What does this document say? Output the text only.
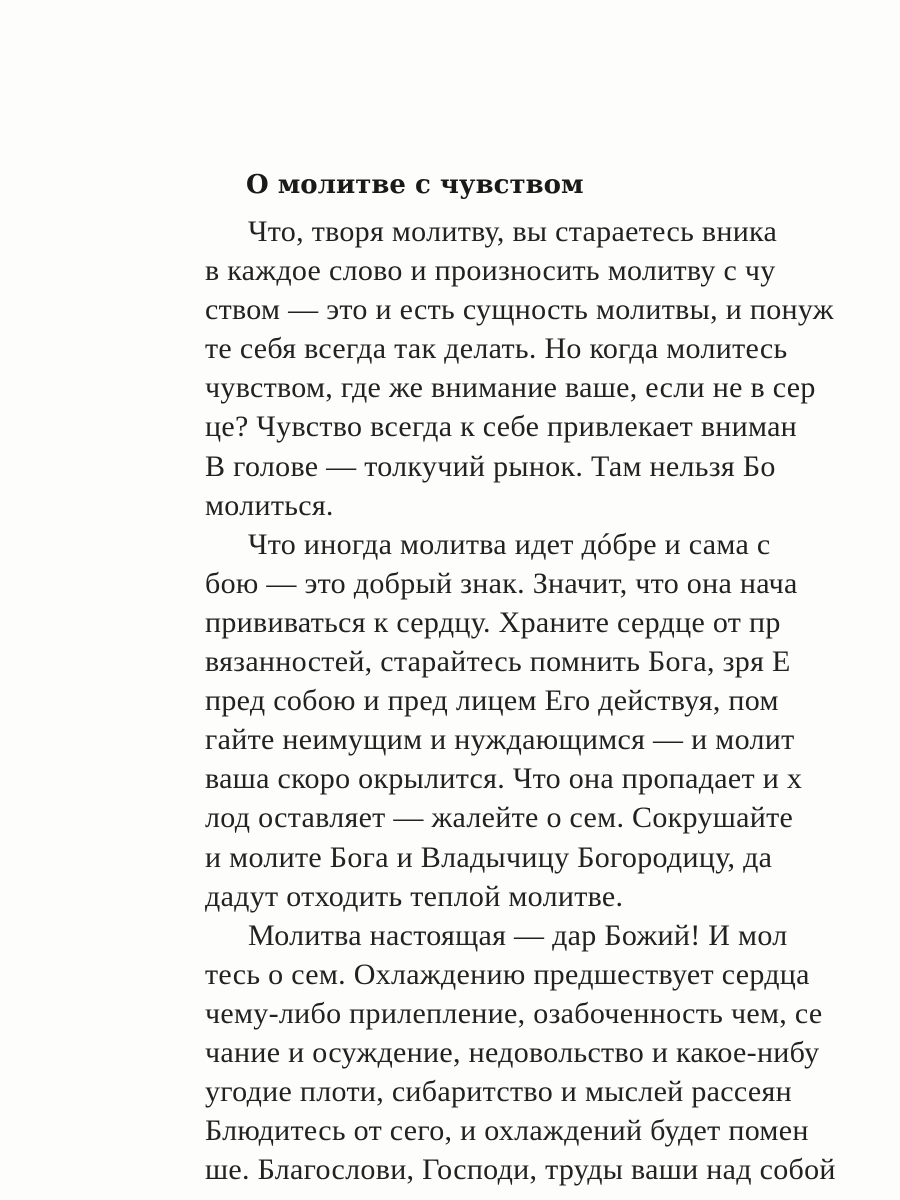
О молитве с чувством
Что, творя молитву, вы стараетесь вника
в каждое слово и произносить молитву с чу
ством — это и есть сущность молитвы, и понуж
те себя всегда так делать. Но когда молитесь
чувством, где же внимание ваше, если не в сер
це? Чувство всегда к себе привлекает вниман
В голове — толкучий рынок. Там нельзя Бо
молиться.
Что иногда молитва идет дóбре и сама с
бою — это добрый знак. Значит, что она нача
прививаться к сердцу. Храните сердце от пр
вязанностей, старайтесь помнить Бога, зря Е
пред собою и пред лицем Его действуя, пом
гайте неимущим и нуждающимся — и молит
ваша скоро окрылится. Что она пропадает и х
лод оставляет — жалейте о сем. Сокрушайте
и молите Бога и Владычицу Богородицу, да
дадут отходить теплой молитве.
Молитва настоящая — дар Божий! И мол
тесь о сем. Охлаждению предшествует сердца
чему-либо прилепление, озабоченность чем, се
чание и осуждение, недовольство и какое-нибу
угодие плоти, сибаритство и мыслей рассеян
Блюдитесь от сего, и охлаждений будет помен
ше. Благослови, Господи, труды ваши над собой
